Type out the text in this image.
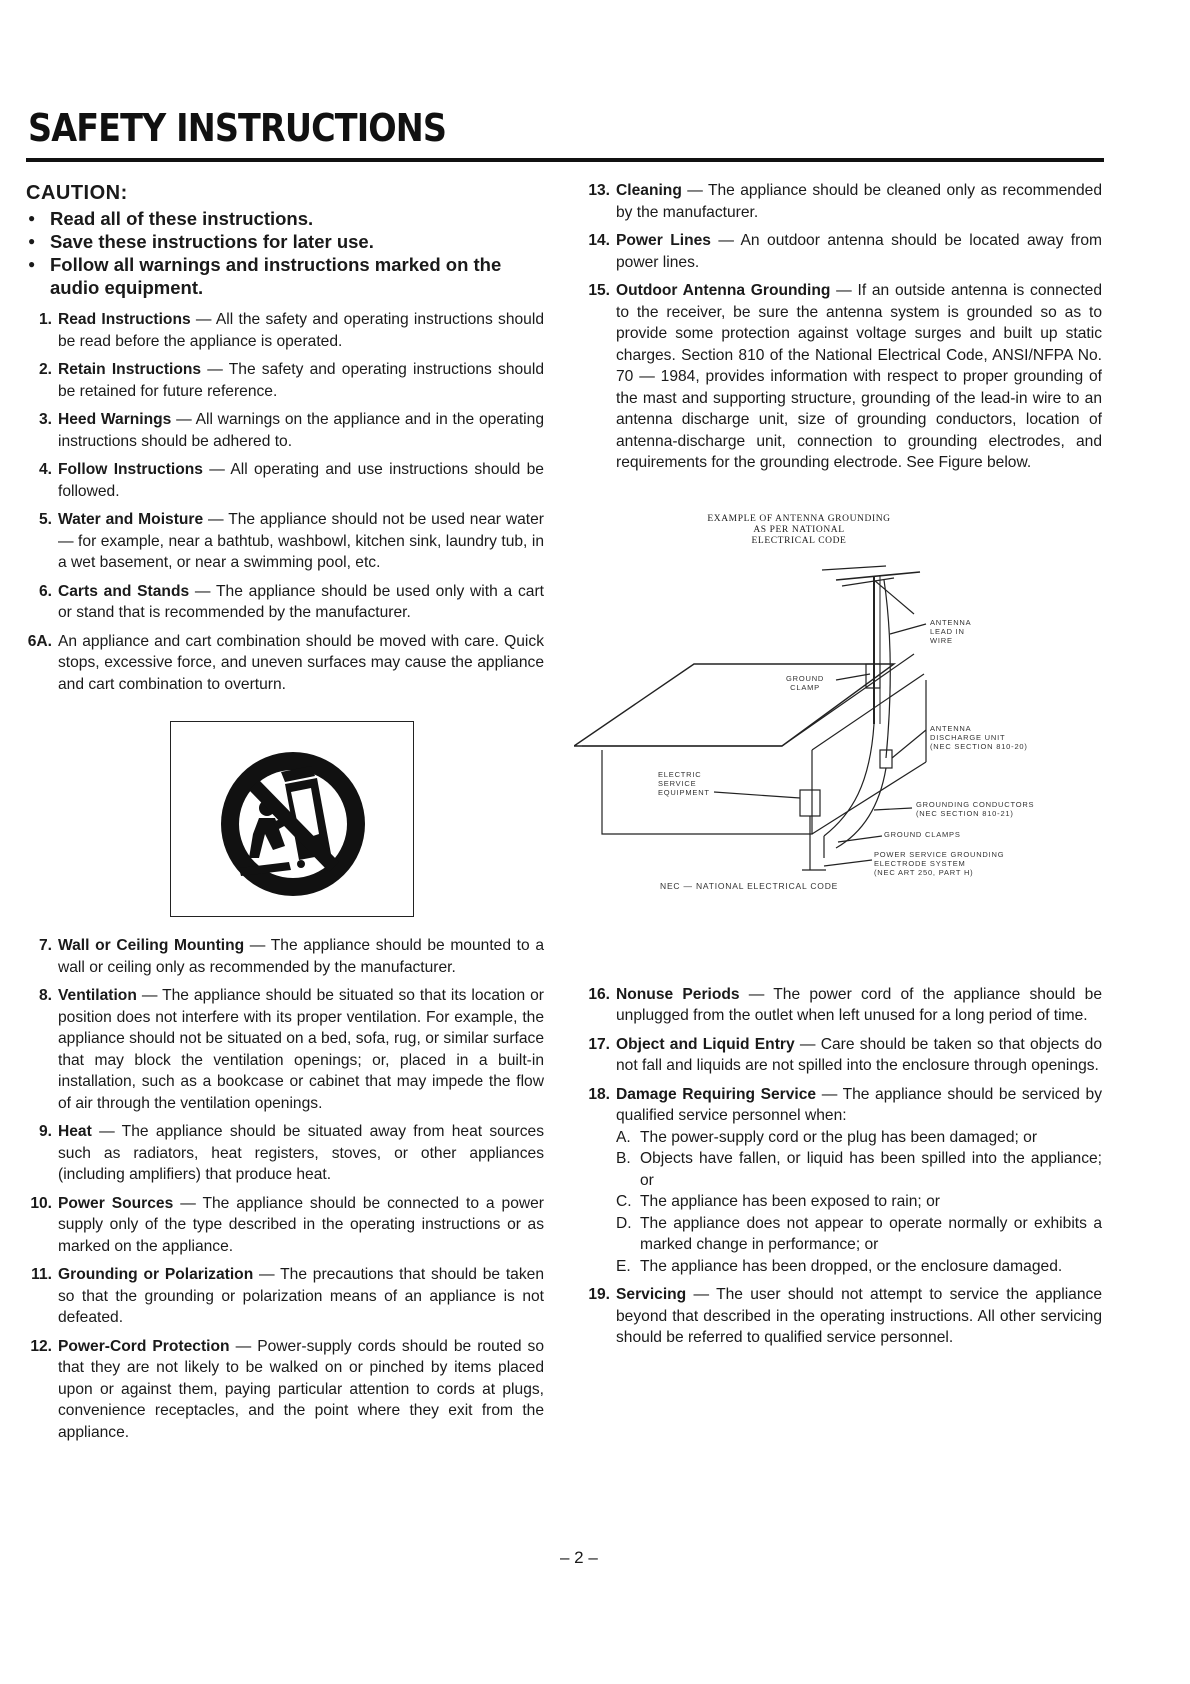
SAFETY INSTRUCTIONS
CAUTION:
● Read all of these instructions.
● Save these instructions for later use.
● Follow all warnings and instructions marked on the audio equipment.
1. Read Instructions — All the safety and operating instructions should be read before the appliance is operated.
2. Retain Instructions — The safety and operating instructions should be retained for future reference.
3. Heed Warnings — All warnings on the appliance and in the operating instructions should be adhered to.
4. Follow Instructions — All operating and use instructions should be followed.
5. Water and Moisture — The appliance should not be used near water — for example, near a bathtub, washbowl, kitchen sink, laundry tub, in a wet basement, or near a swimming pool, etc.
6. Carts and Stands — The appliance should be used only with a cart or stand that is recommended by the manufacturer.
6A. An appliance and cart combination should be moved with care. Quick stops, excessive force, and uneven surfaces may cause the appliance and cart combination to overturn.
7. Wall or Ceiling Mounting — The appliance should be mounted to a wall or ceiling only as recommended by the manufacturer.
8. Ventilation — The appliance should be situated so that its location or position does not interfere with its proper ventilation. For example, the appliance should not be situated on a bed, sofa, rug, or similar surface that may block the ventilation openings; or, placed in a built-in installation, such as a bookcase or cabinet that may impede the flow of air through the ventilation openings.
9. Heat — The appliance should be situated away from heat sources such as radiators, heat registers, stoves, or other appliances (including amplifiers) that produce heat.
10. Power Sources — The appliance should be connected to a power supply only of the type described in the operating instructions or as marked on the appliance.
11. Grounding or Polarization — The precautions that should be taken so that the grounding or polarization means of an appliance is not defeated.
12. Power-Cord Protection — Power-supply cords should be routed so that they are not likely to be walked on or pinched by items placed upon or against them, paying particular attention to cords at plugs, convenience receptacles, and the point where they exit from the appliance.
13. Cleaning — The appliance should be cleaned only as recommended by the manufacturer.
14. Power Lines — An outdoor antenna should be located away from power lines.
15. Outdoor Antenna Grounding — If an outside antenna is connected to the receiver, be sure the antenna system is grounded so as to provide some protection against voltage surges and built up static charges. Section 810 of the National Electrical Code, ANSI/NFPA No. 70 — 1984, provides information with respect to proper grounding of the mast and supporting structure, grounding of the lead-in wire to an antenna discharge unit, size of grounding conductors, location of antenna-discharge unit, connection to grounding electrodes, and requirements for the grounding electrode. See Figure below.
EXAMPLE OF ANTENNA GROUNDING
AS PER NATIONAL
ELECTRICAL CODE
ANTENNA
LEAD IN
WIRE
GROUND
CLAMP
ANTENNA
DISCHARGE UNIT
(NEC SECTION 810-20)
ELECTRIC
SERVICE
EQUIPMENT
GROUNDING CONDUCTORS
(NEC SECTION 810-21)
GROUND CLAMPS
POWER SERVICE GROUNDING
ELECTRODE SYSTEM
(NEC ART 250, PART H)
NEC — NATIONAL ELECTRICAL CODE
16. Nonuse Periods — The power cord of the appliance should be unplugged from the outlet when left unused for a long period of time.
17. Object and Liquid Entry — Care should be taken so that objects do not fall and liquids are not spilled into the enclosure through openings.
18. Damage Requiring Service — The appliance should be serviced by qualified service personnel when:
A. The power-supply cord or the plug has been damaged; or
B. Objects have fallen, or liquid has been spilled into the appliance; or
C. The appliance has been exposed to rain; or
D. The appliance does not appear to operate normally or exhibits a marked change in performance; or
E. The appliance has been dropped, or the enclosure damaged.
19. Servicing — The user should not attempt to service the appliance beyond that described in the operating instructions. All other servicing should be referred to qualified service personnel.
– 2 –
